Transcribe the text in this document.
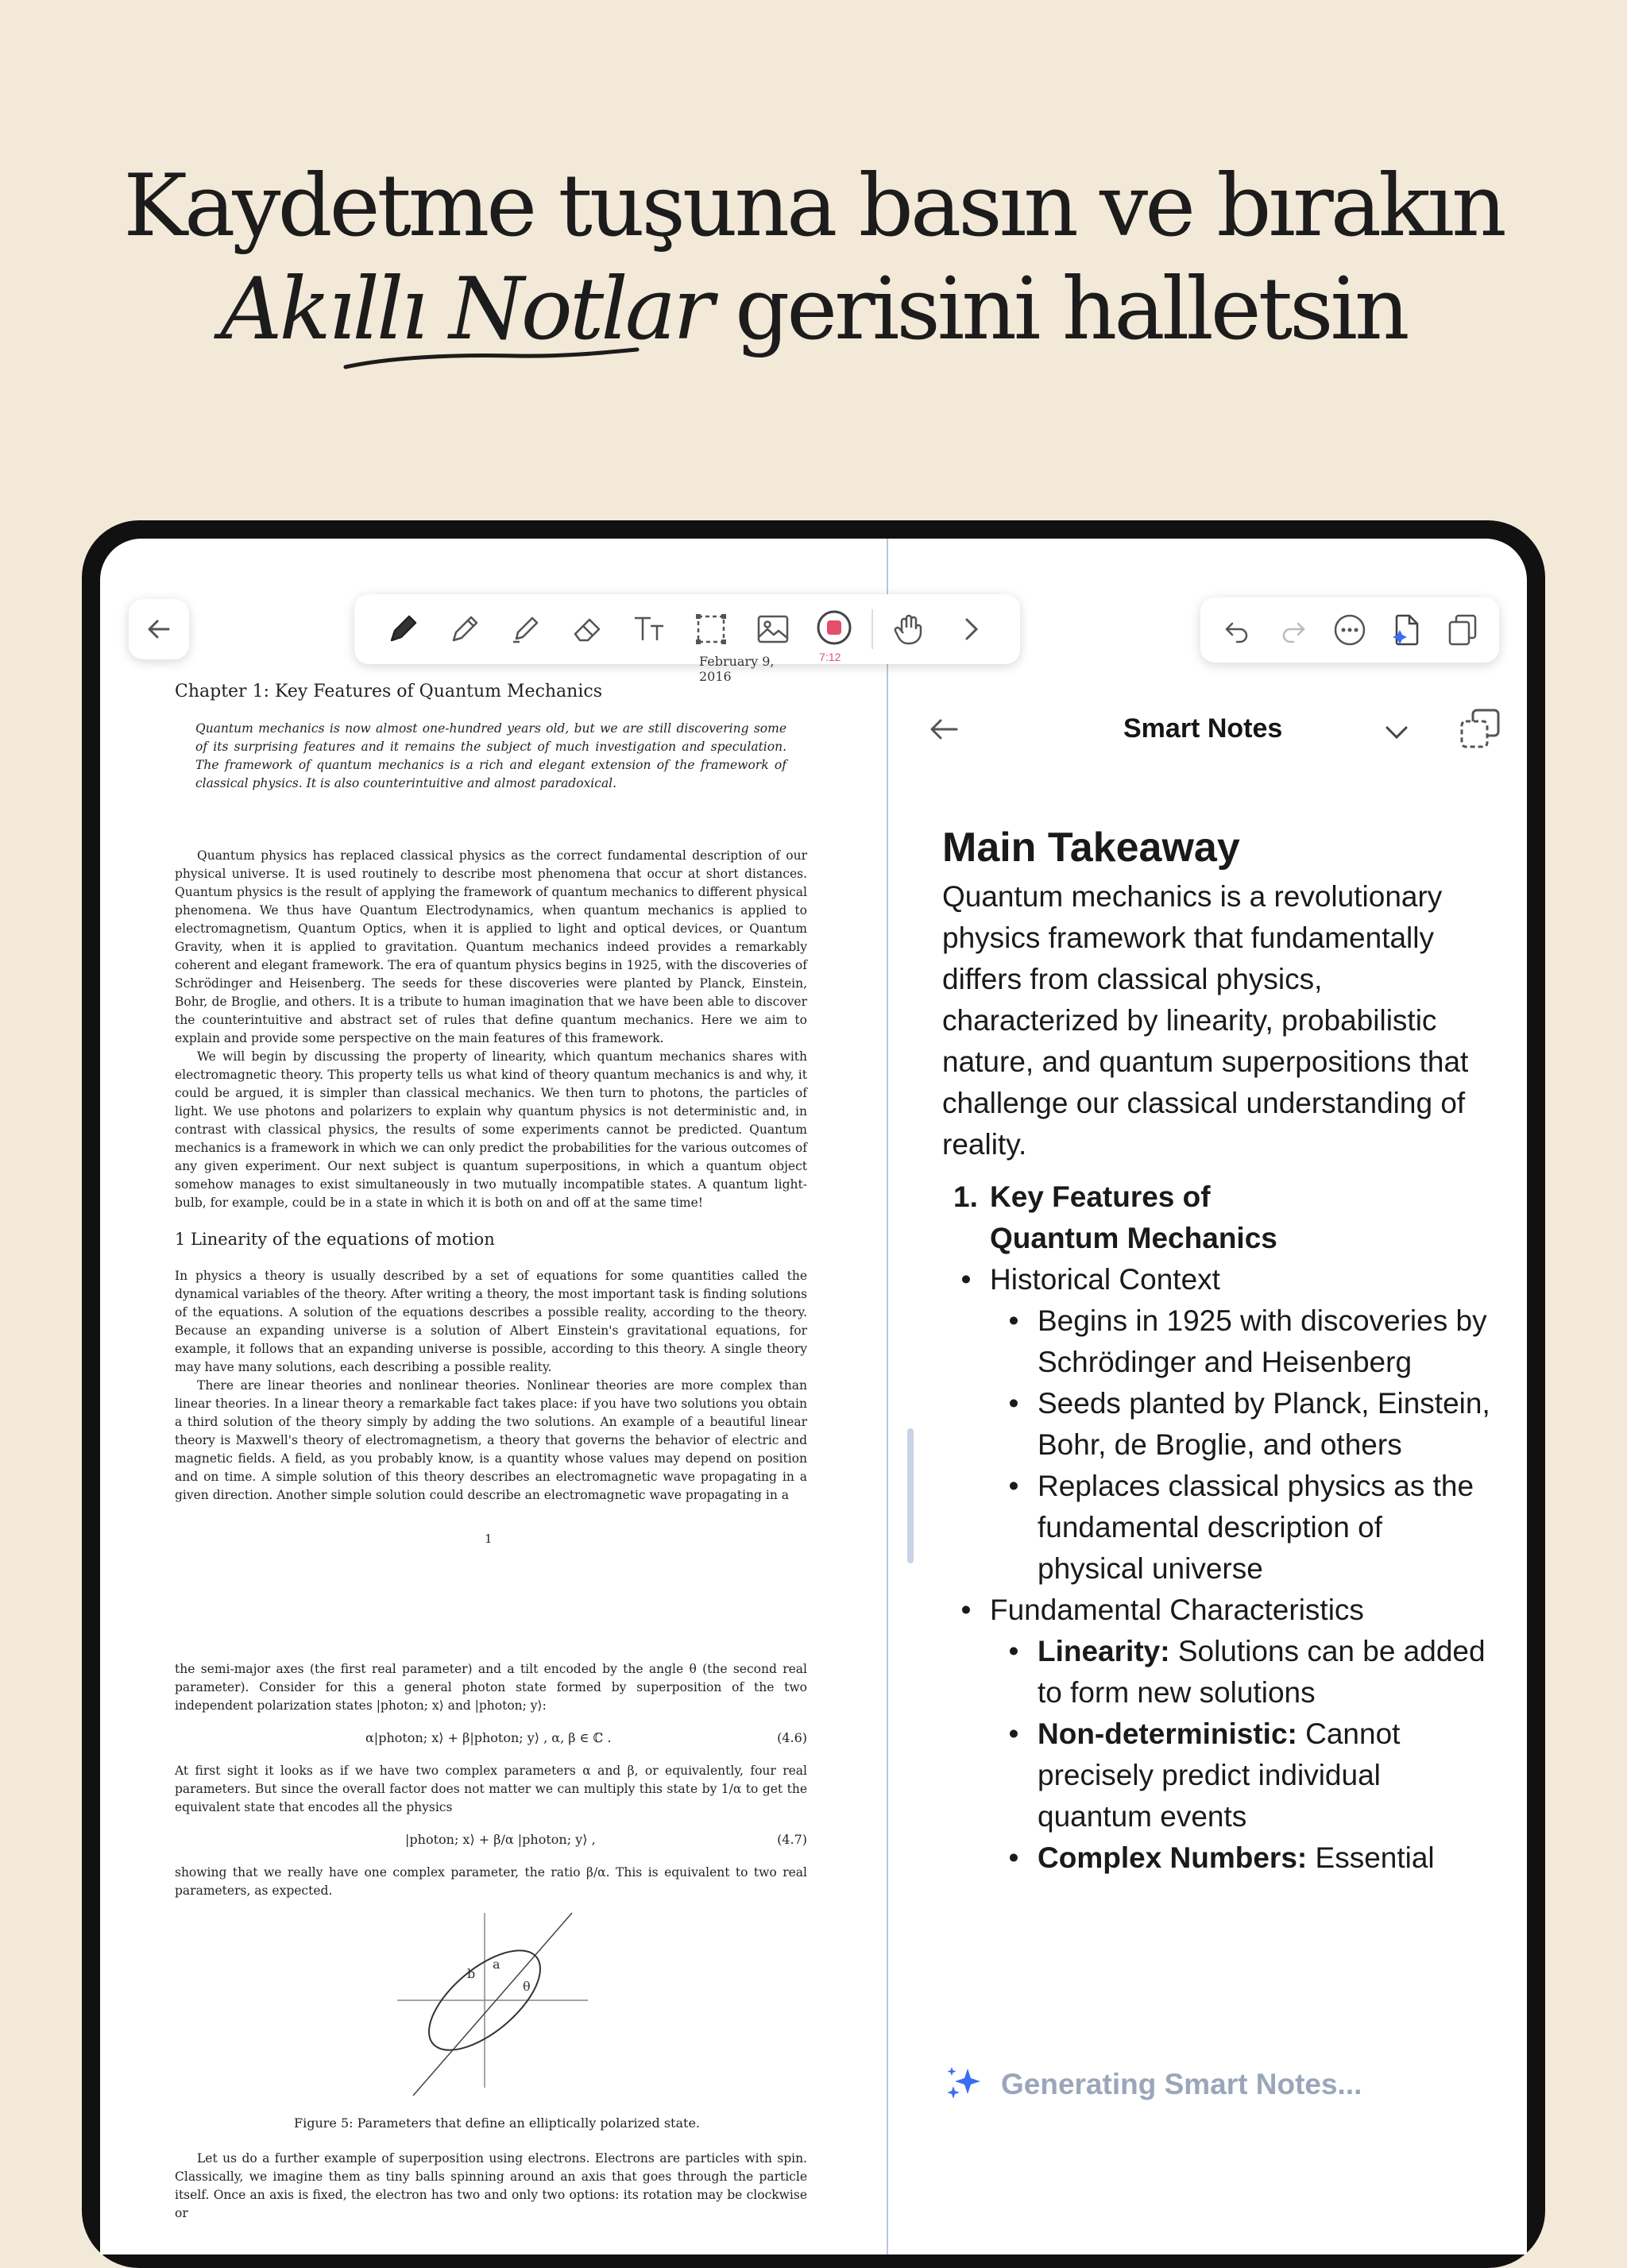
Kaydetme tuşuna basın ve bırakın
Akıllı Notlar gerisini halletsin
7:12
February 9, 2016
Chapter 1: Key Features of Quantum Mechanics

Quantum mechanics is now almost one-hundred years old, but we are still discovering some of its surprising features and it remains the subject of much investigation and speculation. The framework of quantum mechanics is a rich and elegant extension of the framework of classical physics. It is also counterintuitive and almost paradoxical.

Quantum physics has replaced classical physics as the correct fundamental description of our physical universe. It is used routinely to describe most phenomena that occur at short distances. Quantum physics is the result of applying the framework of quantum mechanics to different physical phenomena. We thus have Quantum Electrodynamics, when quantum mechanics is applied to electromagnetism, Quantum Optics, when it is applied to light and optical devices, or Quantum Gravity, when it is applied to gravitation. Quantum mechanics indeed provides a remarkably coherent and elegant framework. The era of quantum physics begins in 1925, with the discoveries of Schrödinger and Heisenberg. The seeds for these discoveries were planted by Planck, Einstein, Bohr, de Broglie, and others. It is a tribute to human imagination that we have been able to discover the counterintuitive and abstract set of rules that define quantum mechanics. Here we aim to explain and provide some perspective on the main features of this framework.

We will begin by discussing the property of linearity, which quantum mechanics shares with electromagnetic theory. This property tells us what kind of theory quantum mechanics is and why, it could be argued, it is simpler than classical mechanics. We then turn to photons, the particles of light. We use photons and polarizers to explain why quantum physics is not deterministic and, in contrast with classical physics, the results of some experiments cannot be predicted. Quantum mechanics is a framework in which we can only predict the probabilities for the various outcomes of any given experiment. Our next subject is quantum superpositions, in which a quantum object somehow manages to exist simultaneously in two mutually incompatible states. A quantum light-bulb, for example, could be in a state in which it is both on and off at the same time!

1 Linearity of the equations of motion

In physics a theory is usually described by a set of equations for some quantities called the dynamical variables of the theory. After writing a theory, the most important task is finding solutions of the equations. A solution of the equations describes a possible reality, according to the theory. Because an expanding universe is a solution of Albert Einstein's gravitational equations, for example, it follows that an expanding universe is possible, according to this theory. A single theory may have many solutions, each describing a possible reality.

There are linear theories and nonlinear theories. Nonlinear theories are more complex than linear theories. In a linear theory a remarkable fact takes place: if you have two solutions you obtain a third solution of the theory simply by adding the two solutions. An example of a beautiful linear theory is Maxwell's theory of electromagnetism, a theory that governs the behavior of electric and magnetic fields. A field, as you probably know, is a quantity whose values may depend on position and on time. A simple solution of this theory describes an electromagnetic wave propagating in a given direction. Another simple solution could describe an electromagnetic wave propagating in a

1

the semi-major axes (the first real parameter) and a tilt encoded by the angle θ (the second real parameter). Consider for this a general photon state formed by superposition of the two independent polarization states |photon; x⟩ and |photon; y⟩:

α|photon; x⟩ + β|photon; y⟩ , α, β ∈ ℂ .	(4.6)

At first sight it looks as if we have two complex parameters α and β, or equivalently, four real parameters. But since the overall factor does not matter we can multiply this state by 1/α to get the equivalent state that encodes all the physics

|photon; x⟩ + β/α |photon; y⟩ ,	(4.7)

showing that we really have one complex parameter, the ratio β/α. This is equivalent to two real parameters, as expected.

a
b
θ
Figure 5: Parameters that define an elliptically polarized state.

Let us do a further example of superposition using electrons. Electrons are particles with spin. Classically, we imagine them as tiny balls spinning around an axis that goes through the particle itself. Once an axis is fixed, the electron has two and only two options: its rotation may be clockwise or

Smart Notes
Main Takeaway

Quantum mechanics is a revolutionary physics framework that fundamentally differs from classical physics, characterized by linearity, probabilistic nature, and quantum superpositions that challenge our classical understanding of reality.

1. Key Features of Quantum Mechanics
• Historical Context
• Begins in 1925 with discoveries by Schrödinger and Heisenberg
• Seeds planted by Planck, Einstein, Bohr, de Broglie, and others
• Replaces classical physics as the fundamental description of physical universe
• Fundamental Characteristics
• Linearity: Solutions can be added to form new solutions
• Non-deterministic: Cannot precisely predict individual quantum events
• Complex Numbers: Essential
Generating Smart Notes...
